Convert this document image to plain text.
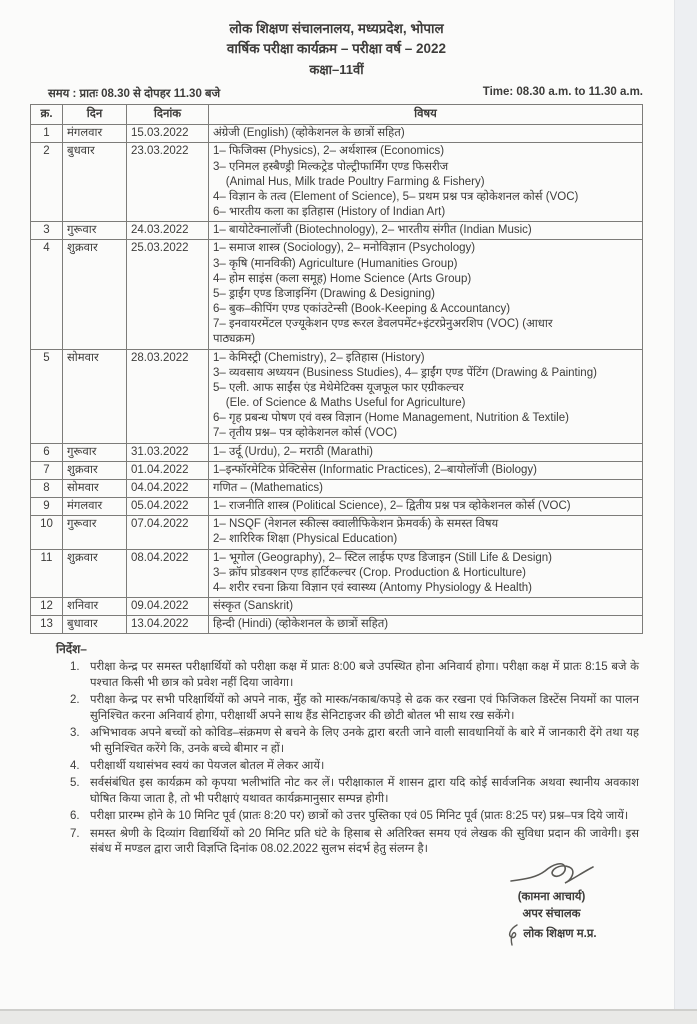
लोक शिक्षण संचालनालय, मध्यप्रदेश, भोपाल
वार्षिक परीक्षा कार्यक्रम – परीक्षा वर्ष – 2022
कक्षा–11वीं
समय : प्रातः 08.30 से दोपहर 11.30 बजे	Time: 08.30 a.m. to 11.30 a.m.
क्र.	दिन	दिनांक	विषय
1	मंगलवार	15.03.2022	अंग्रेजी (English) (व्होकेशनल के छात्रों सहित)

2	बुधवार	23.03.2022	1– फिजिक्स (Physics), 2– अर्थशास्त्र (Economics)
3– एनिमल हस्बैण्ड्री मिल्कट्रेड पोल्ट्रीफार्मिंग एण्ड फिसरीज
(Animal Hus, Milk trade Poultry Farming & Fishery)
4– विज्ञान के तत्व (Element of Science), 5– प्रथम प्रश्न पत्र व्होकेशनल कोर्स (VOC)
6– भारतीय कला का इतिहास (History of Indian Art)

3	गुरूवार	24.03.2022	1– बायोटेक्नालॉजी (Biotechnology), 2– भारतीय संगीत (Indian Music)

4	शुक्रवार	25.03.2022	1– समाज शास्त्र (Sociology), 2– मनोविज्ञान (Psychology)
3– कृषि (मानविकी) Agriculture (Humanities Group)
4– होम साइंस (कला समूह) Home Science (Arts Group)
5– ड्राईंग एण्ड डिजाइनिंग (Drawing & Designing)
6– बुक–कीपिंग एण्ड एकांउटेन्सी (Book-Keeping & Accountancy)
7– इनवायरमेंटल एज्यूकेशन एण्ड रूरल डेवलपमेंट+इंटरप्रेनुअरशिप (VOC) (आधार
पाठ्यक्रम)

5	सोमवार	28.03.2022	1– केमिस्ट्री (Chemistry), 2– इतिहास (History)
3– व्यवसाय अध्ययन (Business Studies), 4– ड्राईंग एण्ड पेंटिंग (Drawing & Painting)
5– एली. आफ साईंस एंड मेथेमेटिक्स यूजफूल फार एग्रीकल्चर
(Ele. of Science & Maths Useful for Agriculture)
6– गृह प्रबन्ध पोषण एवं वस्त्र विज्ञान (Home Management, Nutrition & Textile)
7– तृतीय प्रश्न– पत्र व्होकेशनल कोर्स (VOC)

6	गुरूवार	31.03.2022	1– उर्दू (Urdu), 2– मराठी (Marathi)

7	शुक्रवार	01.04.2022	1–इन्फॉरमेटिक प्रेक्टिसेस (Informatic Practices), 2–बायोलॉजी (Biology)

8	सोमवार	04.04.2022	गणित – (Mathematics)

9	मंगलवार	05.04.2022	1– राजनीति शास्त्र (Political Science), 2– द्वितीय प्रश्न पत्र व्होकेशनल कोर्स (VOC)

10	गुरूवार	07.04.2022	1– NSQF (नेशनल स्कील्स क्वालीफिकेशन फ्रेमवर्क) के समस्त विषय
2– शारिरिक शिक्षा (Physical Education)

11	शुक्रवार	08.04.2022	1– भूगोल (Geography), 2– स्टिल लाईफ एण्ड डिजाइन (Still Life & Design)
3– क्रॉप प्रोडक्शन एण्ड हार्टिकल्चर (Crop. Production & Horticulture)
4– शरीर रचना क्रिया विज्ञान एवं स्वास्थ्य (Antomy Physiology & Health)

12	शनिवार	09.04.2022	संस्कृत (Sanskrit)

13	बुधावार	13.04.2022	हिन्दी (Hindi) (व्होकेशनल के छात्रों सहित)
निर्देश–
1. परीक्षा केन्द्र पर समस्त परीक्षार्थियों को परीक्षा कक्ष में प्रातः 8:00 बजे उपस्थित होना अनिवार्य होगा। परीक्षा कक्ष में प्रातः 8:15 बजे के पश्चात किसी भी छात्र को प्रवेश नहीं दिया जावेगा।
2. परीक्षा केन्द्र पर सभी परिक्षार्थियों को अपने नाक, मुँह को मास्क/नकाब/कपड़े से ढक कर रखना एवं फिजिकल डिस्टेंस नियमों का पालन सुनिश्चित करना अनिवार्य होगा, परीक्षार्थी अपने साथ हैंड सेनिटाइजर की छोटी बोतल भी साथ रख सकेंगे।
3. अभिभावक अपने बच्चों को कोविड–संक्रमण से बचने के लिए उनके द्वारा बरती जाने वाली सावधानियों के बारे में जानकारी देंगे तथा यह भी सुनिश्चित करेंगे कि, उनके बच्चे बीमार न हों।
4. परीक्षार्थी यथासंभव स्वयं का पेयजल बोतल में लेकर आयें।
5. सर्वसंबंधित इस कार्यक्रम को कृपया भलीभांति नोट कर लें। परीक्षाकाल में शासन द्वारा यदि कोई सार्वजनिक अथवा स्थानीय अवकाश घोषित किया जाता है, तो भी परीक्षाएं यथावत कार्यक्रमानुसार सम्पन्न होगी।
6. परीक्षा प्रारम्भ होने के 10 मिनिट पूर्व (प्रातः 8:20 पर) छात्रों को उत्तर पुस्तिका एवं 05 मिनिट पूर्व (प्रातः 8:25 पर) प्रश्न–पत्र दिये जायें।
7. समस्त श्रेणी के दिव्यांग विद्यार्थियों को 20 मिनिट प्रति घंटे के हिसाब से अतिरिक्त समय एवं लेखक की सुविधा प्रदान की जावेगी। इस संबंध में मण्डल द्वारा जारी विज्ञप्ति दिनांक 08.02.2022 सुलभ संदर्भ हेतु संलग्न है।
(कामना आचार्य)
अपर संचालक
लोक शिक्षण म.प्र.
